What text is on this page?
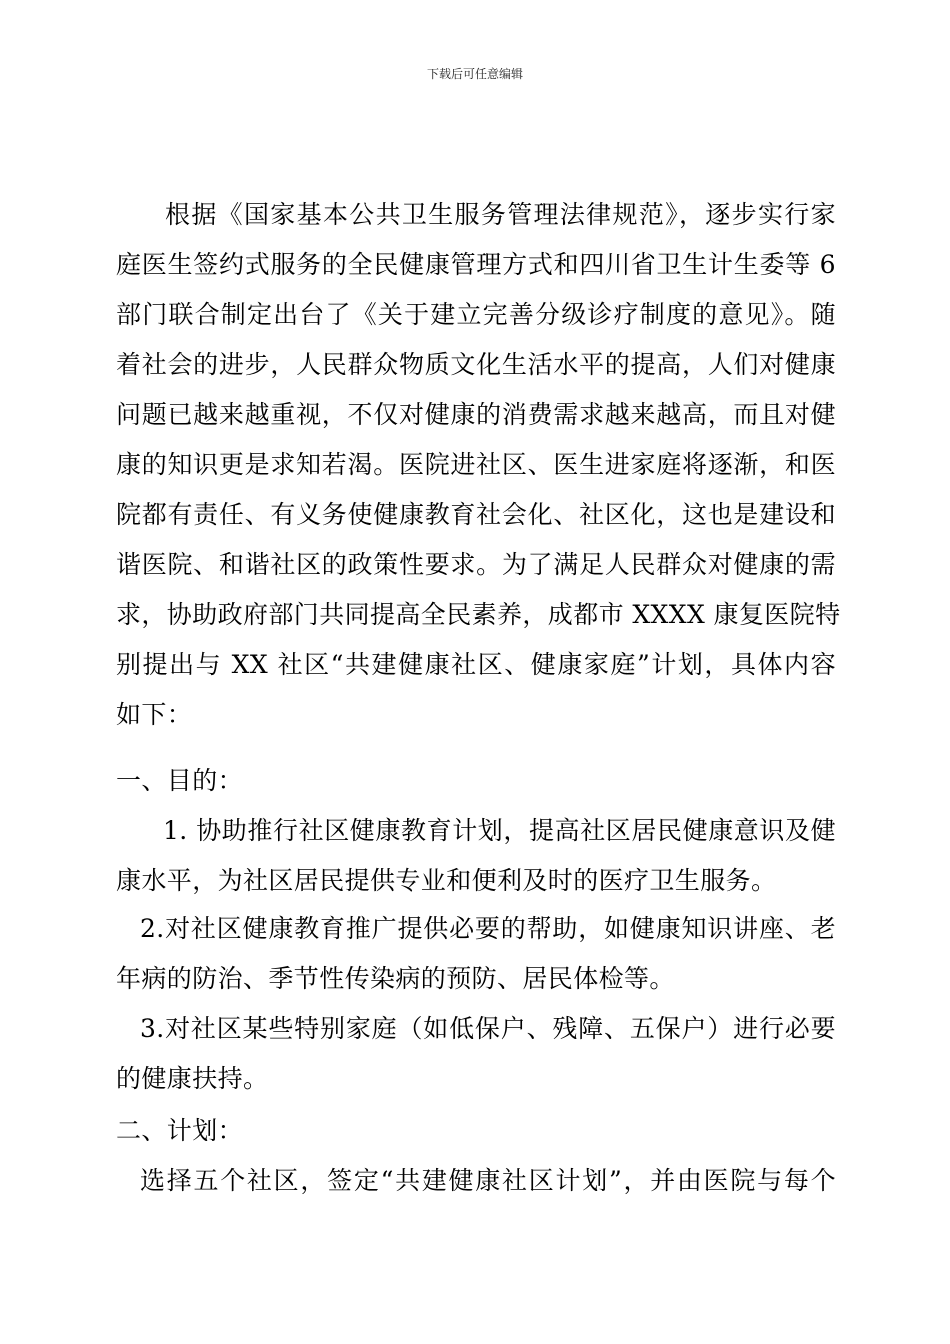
下载后可任意编辑
根据《国家基本公共卫生服务管理法律规范》，逐步实行家
庭医生签约式服务的全民健康管理方式和四川省卫生计生委等 6
部门联合制定出台了《关于建立完善分级诊疗制度的意见》。随
着社会的进步，人民群众物质文化生活水平的提高，人们对健康
问题已越来越重视，不仅对健康的消费需求越来越高，而且对健
康的知识更是求知若渴。医院进社区、医生进家庭将逐渐，和医
院都有责任、有义务使健康教育社会化、社区化，这也是建设和
谐医院、和谐社区的政策性要求。为了满足人民群众对健康的需
求，协助政府部门共同提高全民素养，成都市 XXXX 康复医院特
别提出与 XX 社区“共建健康社区、健康家庭”计划，具体内容
如下：
一、目的：
1. 协助推行社区健康教育计划，提高社区居民健康意识及健
康水平，为社区居民提供专业和便利及时的医疗卫生服务。
2.对社区健康教育推广提供必要的帮助，如健康知识讲座、老
年病的防治、季节性传染病的预防、居民体检等。
3.对社区某些特别家庭（如低保户、残障、五保户）进行必要
的健康扶持。
二、计划：
选择五个社区，签定“共建健康社区计划”，并由医院与每个
